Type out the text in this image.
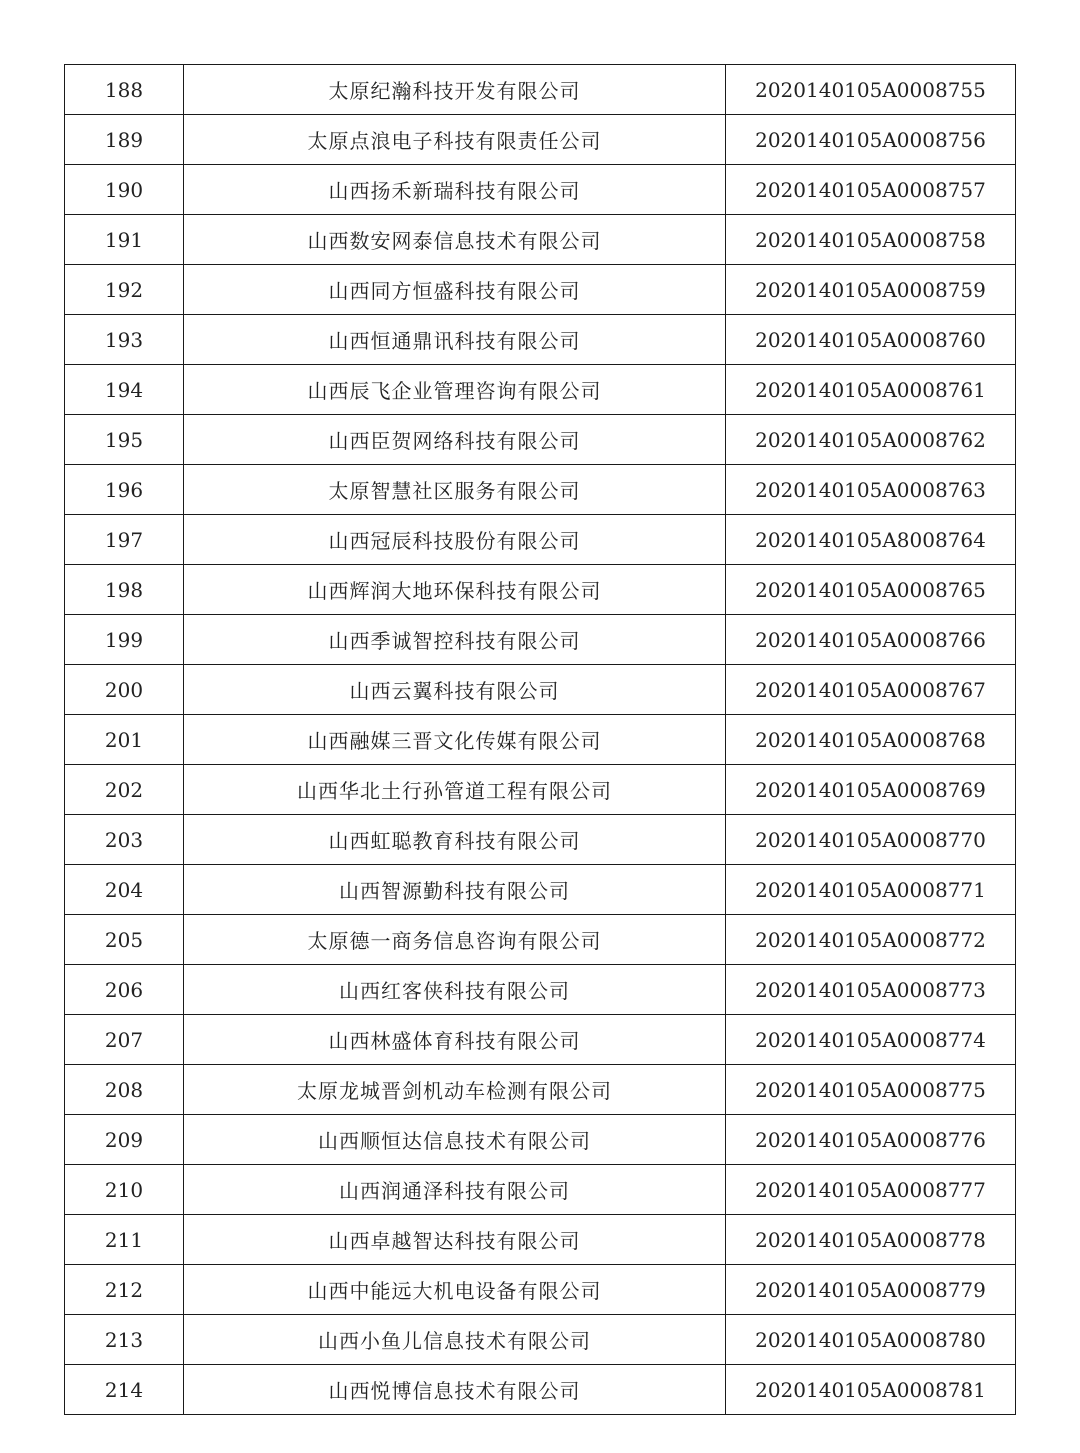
188	太原纪瀚科技开发有限公司	2020140105A0008755
189	太原点浪电子科技有限责任公司	2020140105A0008756
190	山西扬禾新瑞科技有限公司	2020140105A0008757
191	山西数安网泰信息技术有限公司	2020140105A0008758
192	山西同方恒盛科技有限公司	2020140105A0008759
193	山西恒通鼎讯科技有限公司	2020140105A0008760
194	山西辰飞企业管理咨询有限公司	2020140105A0008761
195	山西臣贺网络科技有限公司	2020140105A0008762
196	太原智慧社区服务有限公司	2020140105A0008763
197	山西冠辰科技股份有限公司	2020140105A8008764
198	山西辉润大地环保科技有限公司	2020140105A0008765
199	山西季诚智控科技有限公司	2020140105A0008766
200	山西云翼科技有限公司	2020140105A0008767
201	山西融媒三晋文化传媒有限公司	2020140105A0008768
202	山西华北土行孙管道工程有限公司	2020140105A0008769
203	山西虹聪教育科技有限公司	2020140105A0008770
204	山西智源勤科技有限公司	2020140105A0008771
205	太原德一商务信息咨询有限公司	2020140105A0008772
206	山西红客侠科技有限公司	2020140105A0008773
207	山西林盛体育科技有限公司	2020140105A0008774
208	太原龙城晋剑机动车检测有限公司	2020140105A0008775
209	山西顺恒达信息技术有限公司	2020140105A0008776
210	山西润通泽科技有限公司	2020140105A0008777
211	山西卓越智达科技有限公司	2020140105A0008778
212	山西中能远大机电设备有限公司	2020140105A0008779
213	山西小鱼儿信息技术有限公司	2020140105A0008780
214	山西悦博信息技术有限公司	2020140105A0008781
